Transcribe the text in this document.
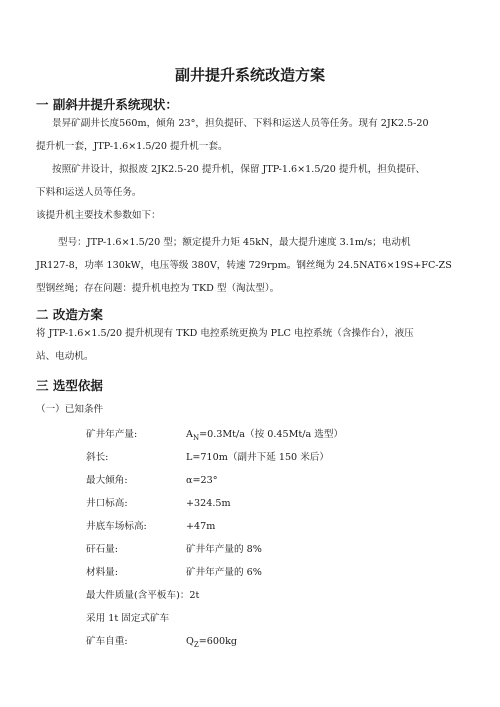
副井提升系统改造方案
一 副斜井提升系统现状：
景昇矿副井长度560m，倾角 23°，担负提矸、下料和运送人员等任务。现有 2JK2.5-20
提升机一套，JTP-1.6×1.5/20 提升机一套。
按照矿井设计，拟报废 2JK2.5-20 提升机，保留 JTP-1.6×1.5/20 提升机，担负提矸、
下料和运送人员等任务。
该提升机主要技术参数如下：
型号：JTP-1.6×1.5/20 型；额定提升力矩 45kN，最大提升速度 3.1m/s；电动机
JR127-8，功率 130kW，电压等级 380V，转速 729rpm。钢丝绳为 24.5NAT6×19S+FC-ZS
型钢丝绳；存在问题：提升机电控为 TKD 型（淘汰型）。
二 改造方案
将 JTP-1.6×1.5/20 提升机现有 TKD 电控系统更换为 PLC 电控系统（含操作台），液压
站、电动机。
三 选型依据
（一）已知条件
矿井年产量:	$A_N=0.3Mt/a$（按 0.45Mt/a 选型）
斜长:	L=710m（副井下延 150 米后）
最大倾角:	α=23°
井口标高:	+324.5m
井底车场标高:	+47m
矸石量:	矿井年产量的 8%
材料量:	矿井年产量的 6%
最大件质量(含平板车)：2t
采用 1t 固定式矿车
矿车自重:	$Q_Z=600kg$
